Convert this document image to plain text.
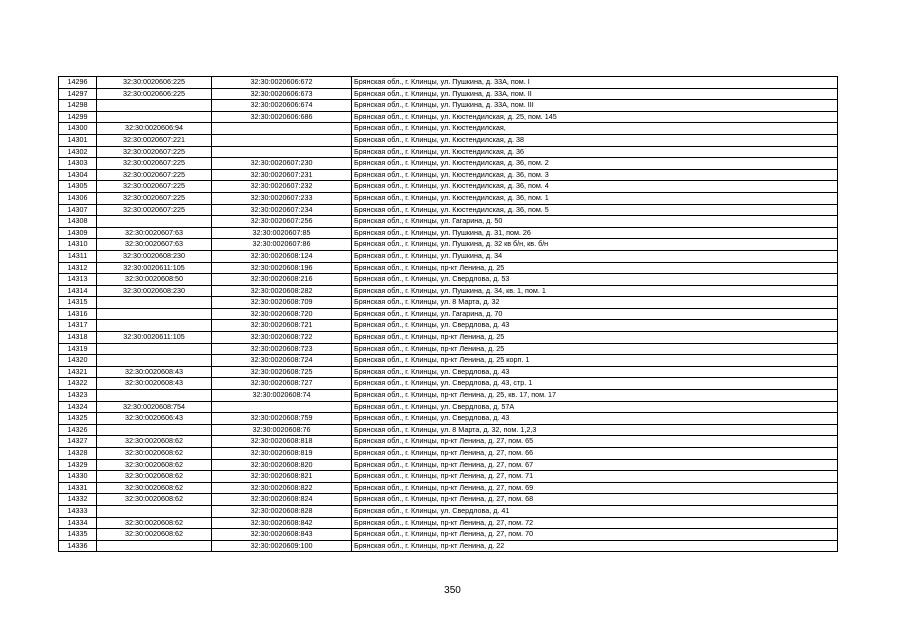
14296	32:30:0020606:225	32:30:0020606:672	Брянская обл., г. Клинцы, ул. Пушкина, д. 33А, пом. I
14297	32:30:0020606:225	32:30:0020606:673	Брянская обл., г. Клинцы, ул. Пушкина, д. 33А, пом. II
14298		32:30:0020606:674	Брянская обл., г. Клинцы, ул. Пушкина, д. 33А, пом. III
14299		32:30:0020606:686	Брянская обл., г. Клинцы, ул. Кюстендилская, д. 25, пом. 145
14300	32:30:0020606:94		Брянская обл., г. Клинцы, ул. Кюстендилская,
14301	32:30:0020607:221		Брянская обл., г. Клинцы, ул. Кюстендилская, д. 38
14302	32:30:0020607:225		Брянская обл., г. Клинцы, ул. Кюстендилская, д. 36
14303	32:30:0020607:225	32:30:0020607:230	Брянская обл., г. Клинцы, ул. Кюстендилская, д. 36, пом. 2
14304	32:30:0020607:225	32:30:0020607:231	Брянская обл., г. Клинцы, ул. Кюстендилская, д. 36, пом. 3
14305	32:30:0020607:225	32:30:0020607:232	Брянская обл., г. Клинцы, ул. Кюстендилская, д. 36, пом. 4
14306	32:30:0020607:225	32:30:0020607:233	Брянская обл., г. Клинцы, ул. Кюстендилская, д. 36, пом. 1
14307	32:30:0020607:225	32:30:0020607:234	Брянская обл., г. Клинцы, ул. Кюстендилская, д. 36, пом. 5
14308		32:30:0020607:256	Брянская обл., г. Клинцы, ул. Гагарина, д. 50
14309	32:30:0020607:63	32:30:0020607:85	Брянская обл., г. Клинцы, ул. Пушкина, д. 31, пом. 26
14310	32:30:0020607:63	32:30:0020607:86	Брянская обл., г. Клинцы, ул. Пушкина, д. 32 кв б/н, кв. б/н
14311	32:30:0020608:230	32:30:0020608:124	Брянская обл., г. Клинцы, ул. Пушкина, д. 34
14312	32:30:0020611:105	32:30:0020608:196	Брянская обл., г. Клинцы, пр-кт Ленина, д. 25
14313	32:30:0020608:50	32:30:0020608:216	Брянская обл., г. Клинцы, ул. Свердлова, д. 53
14314	32:30:0020608:230	32:30:0020608:282	Брянская обл., г. Клинцы, ул. Пушкина, д. 34, кв. 1, пом. 1
14315		32:30:0020608:709	Брянская обл., г. Клинцы, ул. 8 Марта, д. 32
14316		32:30:0020608:720	Брянская обл., г. Клинцы, ул. Гагарина, д. 70
14317		32:30:0020608:721	Брянская обл., г. Клинцы, ул. Свердлова, д. 43
14318	32:30:0020611:105	32:30:0020608:722	Брянская обл., г. Клинцы, пр-кт Ленина, д. 25
14319		32:30:0020608:723	Брянская обл., г. Клинцы, пр-кт Ленина, д. 25
14320		32:30:0020608:724	Брянская обл., г. Клинцы, пр-кт Ленина, д. 25 корп. 1
14321	32:30:0020608:43	32:30:0020608:725	Брянская обл., г. Клинцы, ул. Свердлова, д. 43
14322	32:30:0020608:43	32:30:0020608:727	Брянская обл., г. Клинцы, ул. Свердлова, д. 43, стр. 1
14323		32:30:0020608:74	Брянская обл., г. Клинцы, пр-кт Ленина, д. 25, кв. 17, пом. 17
14324	32:30:0020608:754		Брянская обл., г. Клинцы, ул. Свердлова, д. 57А
14325	32:30:0020606:43	32:30:0020608:759	Брянская обл., г. Клинцы, ул. Свердлова, д. 43
14326		32:30:0020608:76	Брянская обл., г. Клинцы, ул. 8 Марта, д. 32, пом. 1,2,3
14327	32:30:0020608:62	32:30:0020608:818	Брянская обл., г. Клинцы, пр-кт Ленина, д. 27, пом. 65
14328	32:30:0020608:62	32:30:0020608:819	Брянская обл., г. Клинцы, пр-кт Ленина, д. 27, пом. 66
14329	32:30:0020608:62	32:30:0020608:820	Брянская обл., г. Клинцы, пр-кт Ленина, д. 27, пом. 67
14330	32:30:0020608:62	32:30:0020608:821	Брянская обл., г. Клинцы, пр-кт Ленина, д. 27, пом. 71
14331	32:30:0020608:62	32:30:0020608:822	Брянская обл., г. Клинцы, пр-кт Ленина, д. 27, пом. 69
14332	32:30:0020608:62	32:30:0020608:824	Брянская обл., г. Клинцы, пр-кт Ленина, д. 27, пом. 68
14333		32:30:0020608:828	Брянская обл., г. Клинцы, ул. Свердлова, д. 41
14334	32:30:0020608:62	32:30:0020608:842	Брянская обл., г. Клинцы, пр-кт Ленина, д. 27, пом. 72
14335	32:30:0020608:62	32:30:0020608:843	Брянская обл., г. Клинцы, пр-кт Ленина, д. 27, пом. 70
14336		32:30:0020609:100	Брянская обл., г. Клинцы, пр-кт Ленина, д. 22
350
